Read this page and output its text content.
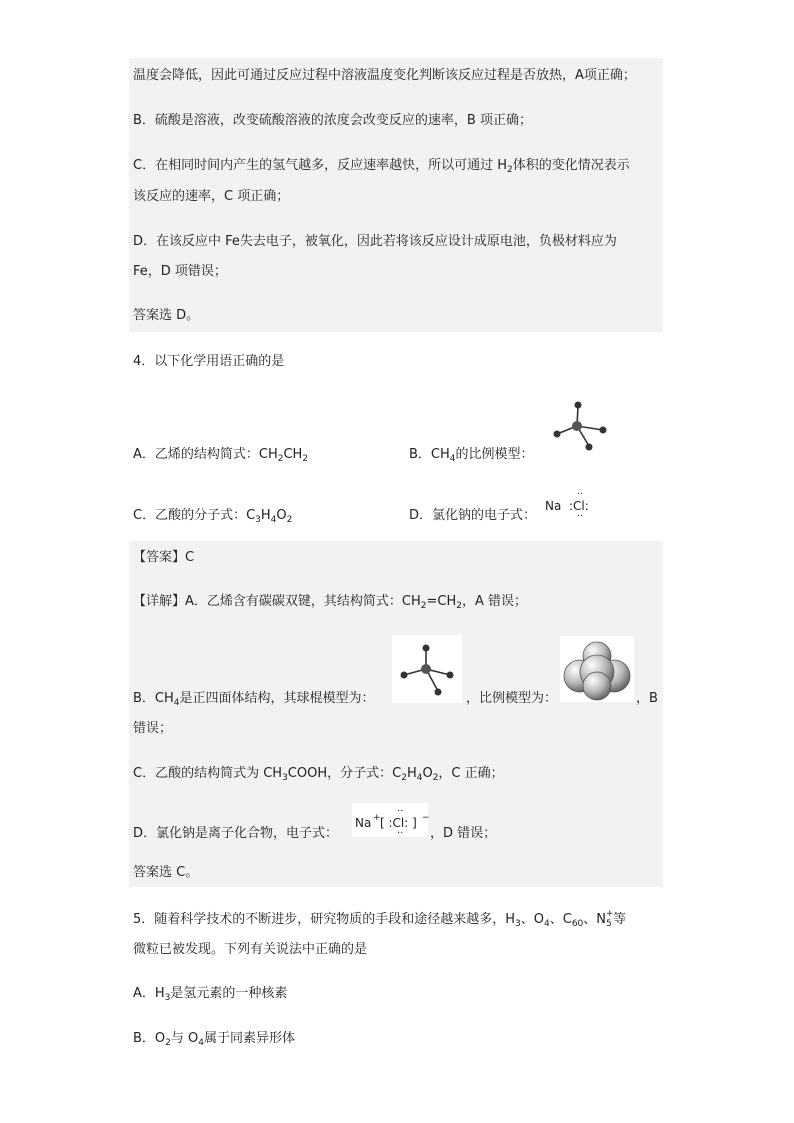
温度会降低，因此可通过反应过程中溶液温度变化判断该反应过程是否放热，A项正确；
B．硫酸是溶液，改变硫酸溶液的浓度会改变反应的速率，B 项正确；
C．在相同时间内产生的氢气越多，反应速率越快，所以可通过 $H_2$体积的变化情况表示
该反应的速率，C 项正确；
D．在该反应中 Fe失去电子，被氧化，因此若将该反应设计成原电池，负极材料应为
Fe，D 项错误；
答案选 D。
4．以下化学用语正确的是
A．乙烯的结构简式：$CH_2CH_2$	B．$CH_4$的比例模型：
C．乙酸的分子式：$C_3H_4O_2$	D．氯化钠的电子式：
Na
··
:Cl:
··
【答案】C
【详解】A．乙烯含有碳碳双键，其结构简式：$CH_2=CH_2$，A 错误；
B．$CH_4$是正四面体结构，其球棍模型为：	，比例模型为：	，B
错误；
C．乙酸的结构简式为 $CH_3COOH$，分子式：$C_2H_4O_2$，C 正确；
D．氯化钠是离子化合物，电子式：
Na +
··
[ :Cl: ] −
·· ，D 错误；
答案选 C。
5．随着科学技术的不断进步，研究物质的手段和途径越来越多，$H_3$、$O_4$、$C_{60}$、N +
5 等
微粒已被发现。下列有关说法中正确的是
A．$H_3$是氢元素的一种核素
B．$O_2$与 $O_4$属于同素异形体
